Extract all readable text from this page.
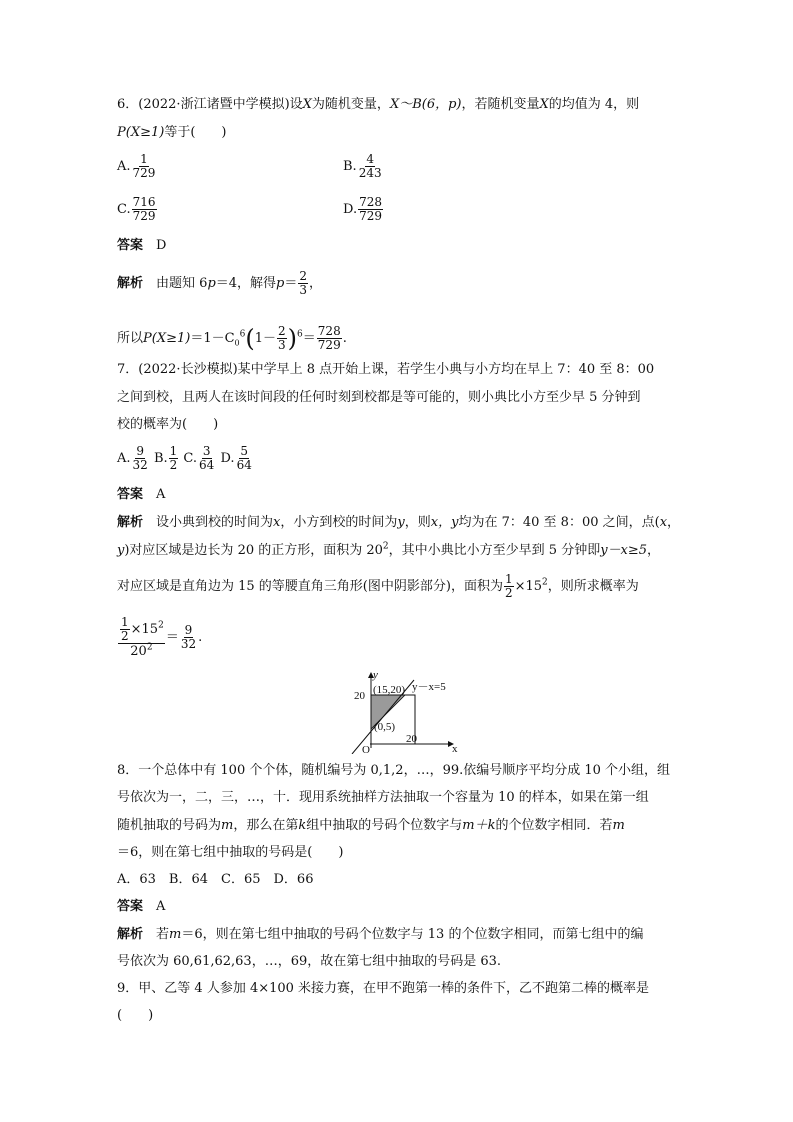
6．(2022·浙江诸暨中学模拟)设X为随机变量，X～B(6，p)，若随机变量X的均值为 4，则
P(X≥1)等于(　　)
A. $\frac{1}{729}$	B. $\frac{4}{243}$
C. $\frac{716}{729}$	D. $\frac{728}{729}$
答案　 D
解析　 由题知 6p＝4，解得$p= \frac{2}{3}$ ，
所以$P(X\ge 1)=1-C_0^6(1- \frac{2}{3} )^6= \frac{728}{729}$ .
7．(2022·长沙模拟)某中学早上 8 点开始上课，若学生小典与小方均在早上 7：40 至 8：00
之间到校，且两人在该时间段的任何时刻到校都是等可能的，则小典比小方至少早 5 分钟到
校的概率为(　　)
A. $\frac{9}{32} B$. $\frac{1}{2} C$. $\frac{3}{64} D$. $\frac{5}{64}$
答案　 A
解析　 设小典到校的时间为x，小方到校的时间为y，则x，y均为在 7：40 至 8：00 之间，点(x，
y)对应区域是边长为 20 的正方形，面积为 $20^2$，其中小典比小方至少早到 5 分钟即y－x≥5，
对应区域是直角边为 15 的等腰直角三角形(图中阴影部分)，面积为 $\frac{1}{2} \times 15^2$，则所求概率为
$\frac{\frac{1}{2} \times 15^2}{20^2} = \frac{9}{32}$ .
y
x
O
20
20
(15,20)
(0,5)
y－x=5
8．一个总体中有 100 个个体，随机编号为 0,1,2，…，99.依编号顺序平均分成 10 个小组，组
号依次为一，二，三，…，十．现用系统抽样方法抽取一个容量为 10 的样本，如果在第一组
随机抽取的号码为m，那么在第k组中抽取的号码个位数字与m＋k的个位数字相同．若m
＝6，则在第七组中抽取的号码是(　　)
A．63　B．64　C．65　D．66
答案　 A
解析　 若m＝6，则在第七组中抽取的号码个位数字与 13 的个位数字相同，而第七组中的编
号依次为 60,61,62,63，…，69，故在第七组中抽取的号码是 63.
9．甲、乙等 4 人参加 4×100 米接力赛，在甲不跑第一棒的条件下，乙不跑第二棒的概率是
(　　)
